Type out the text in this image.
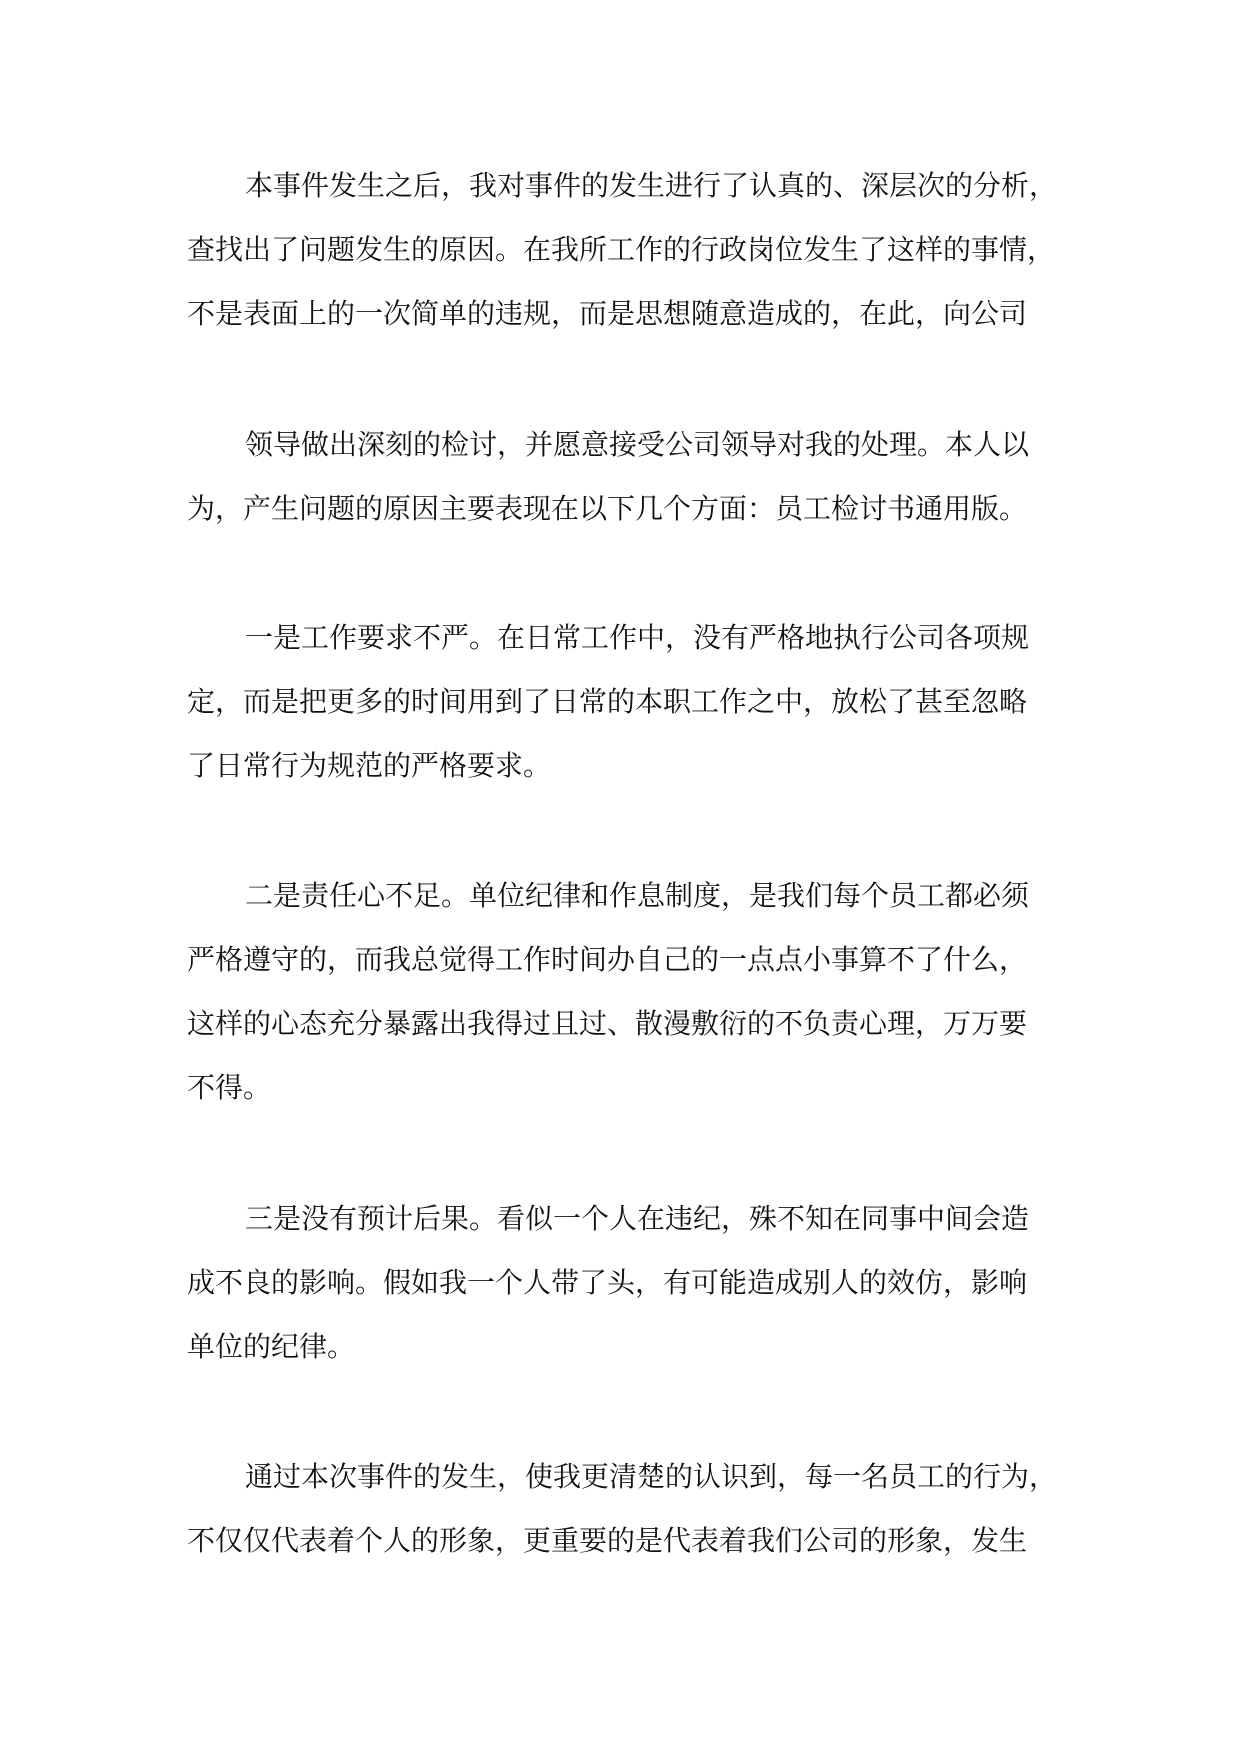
本事件发生之后，我对事件的发生进行了认真的、深层次的分析，
查找出了问题发生的原因。在我所工作的行政岗位发生了这样的事情，
不是表面上的一次简单的违规，而是思想随意造成的，在此，向公司

领导做出深刻的检讨，并愿意接受公司领导对我的处理。本人以
为，产生问题的原因主要表现在以下几个方面：员工检讨书通用版。

一是工作要求不严。在日常工作中，没有严格地执行公司各项规
定，而是把更多的时间用到了日常的本职工作之中，放松了甚至忽略
了日常行为规范的严格要求。

二是责任心不足。单位纪律和作息制度，是我们每个员工都必须
严格遵守的，而我总觉得工作时间办自己的一点点小事算不了什么，
这样的心态充分暴露出我得过且过、散漫敷衍的不负责心理，万万要
不得。

三是没有预计后果。看似一个人在违纪，殊不知在同事中间会造
成不良的影响。假如我一个人带了头，有可能造成别人的效仿，影响
单位的纪律。

通过本次事件的发生，使我更清楚的认识到，每一名员工的行为，
不仅仅代表着个人的形象，更重要的是代表着我们公司的形象，发生
